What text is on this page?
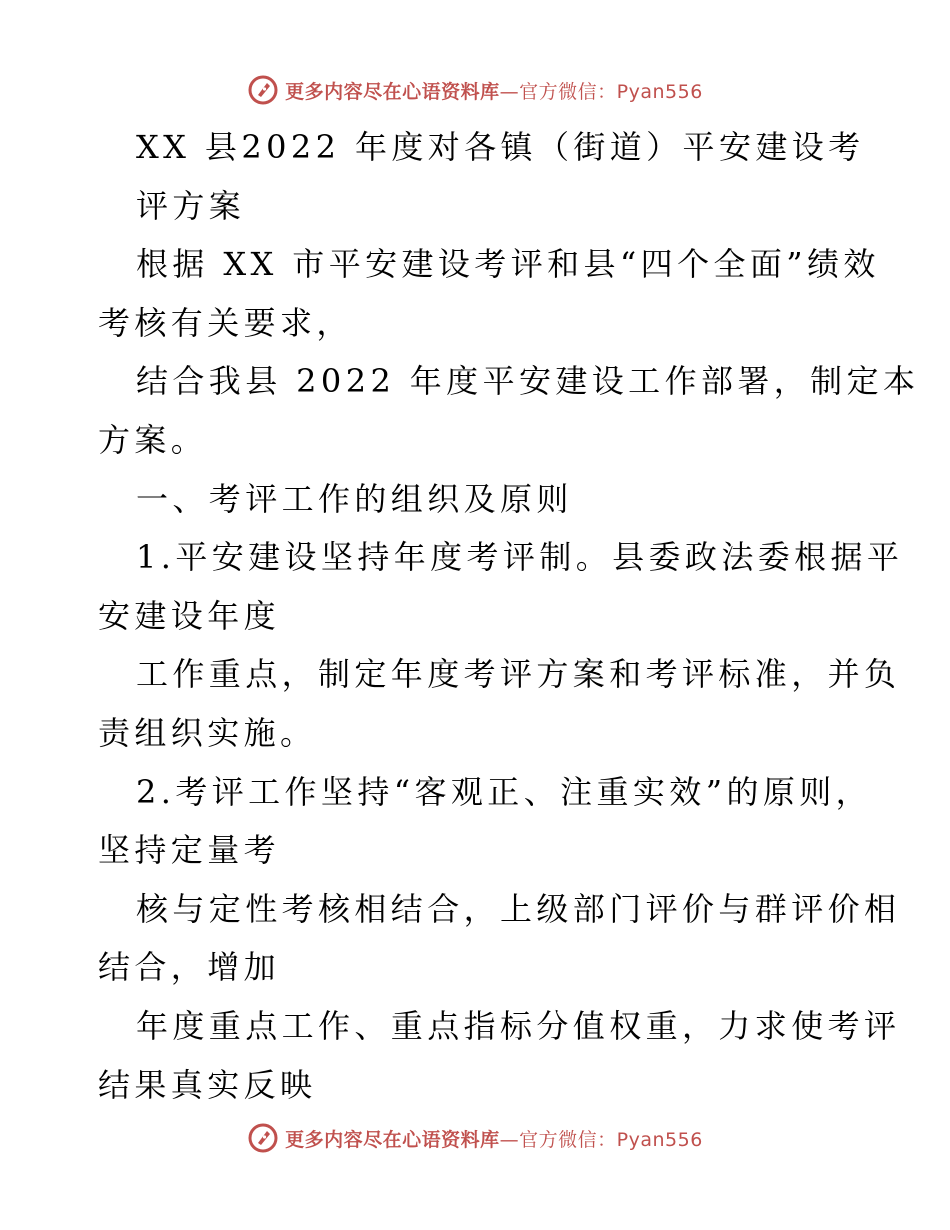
更多内容尽在心语资料库—官方微信：Pyan556
XX 县2022 年度对各镇（街道）平安建设考
评方案
根据 XX 市平安建设考评和县“四个全面”绩效
考核有关要求，
结合我县 2022 年度平安建设工作部署，制定本
方案。
一、考评工作的组织及原则
1.平安建设坚持年度考评制。县委政法委根据平
安建设年度
工作重点，制定年度考评方案和考评标准，并负
责组织实施。
2.考评工作坚持“客观正、注重实效”的原则，
坚持定量考
核与定性考核相结合，上级部门评价与群评价相
结合，增加
年度重点工作、重点指标分值权重，力求使考评
结果真实反映
更多内容尽在心语资料库—官方微信：Pyan556
